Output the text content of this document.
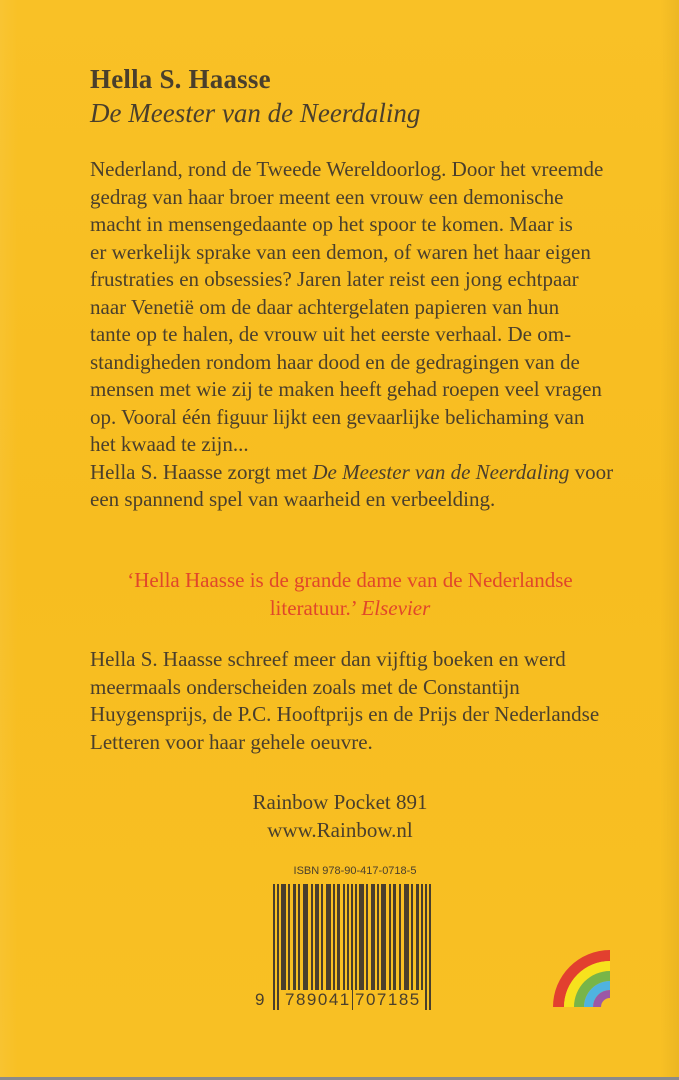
Hella S. Haasse
De Meester van de Neerdaling
Nederland, rond de Tweede Wereldoorlog. Door het vreemde
gedrag van haar broer meent een vrouw een demonische
macht in mensengedaante op het spoor te komen. Maar is
er werkelijk sprake van een demon, of waren het haar eigen
frustraties en obsessies? Jaren later reist een jong echtpaar
naar Venetië om de daar achtergelaten papieren van hun
tante op te halen, de vrouw uit het eerste verhaal. De om-
standigheden rondom haar dood en de gedragingen van de
mensen met wie zij te maken heeft gehad roepen veel vragen
op. Vooral één figuur lijkt een gevaarlijke belichaming van
het kwaad te zijn...
Hella S. Haasse zorgt met De Meester van de Neerdaling voor
een spannend spel van waarheid en verbeelding.
‘Hella Haasse is de grande dame van de Nederlandse
literatuur.’ Elsevier
Hella S. Haasse schreef meer dan vijftig boeken en werd
meermaals onderscheiden zoals met de Constantijn
Huygensprijs, de P.C. Hooftprijs en de Prijs der Nederlandse
Letteren voor haar gehele oeuvre.
Rainbow Pocket 891
www.Rainbow.nl
ISBN 978-90-417-0718-5
9 789041 707185
